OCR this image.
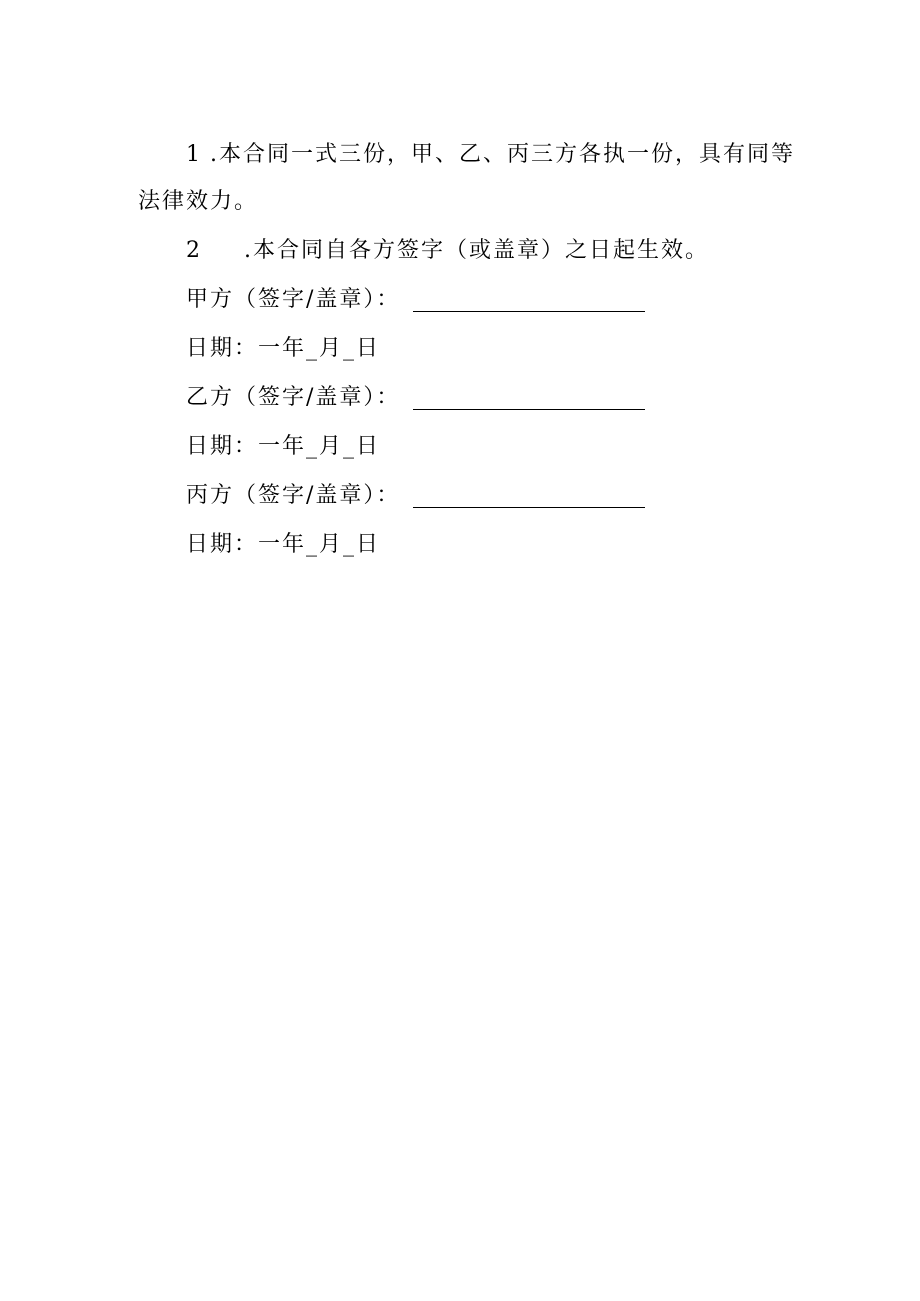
1 .本合同一式三份，甲、乙、丙三方各执一份，具有同等
法律效力。
2 .本合同自各方签字（或盖章）之日起生效。
甲方（签字/盖章）：
日期：一年_月_日
乙方（签字/盖章）：
日期：一年_月_日
丙方（签字/盖章）：
日期：一年_月_日
